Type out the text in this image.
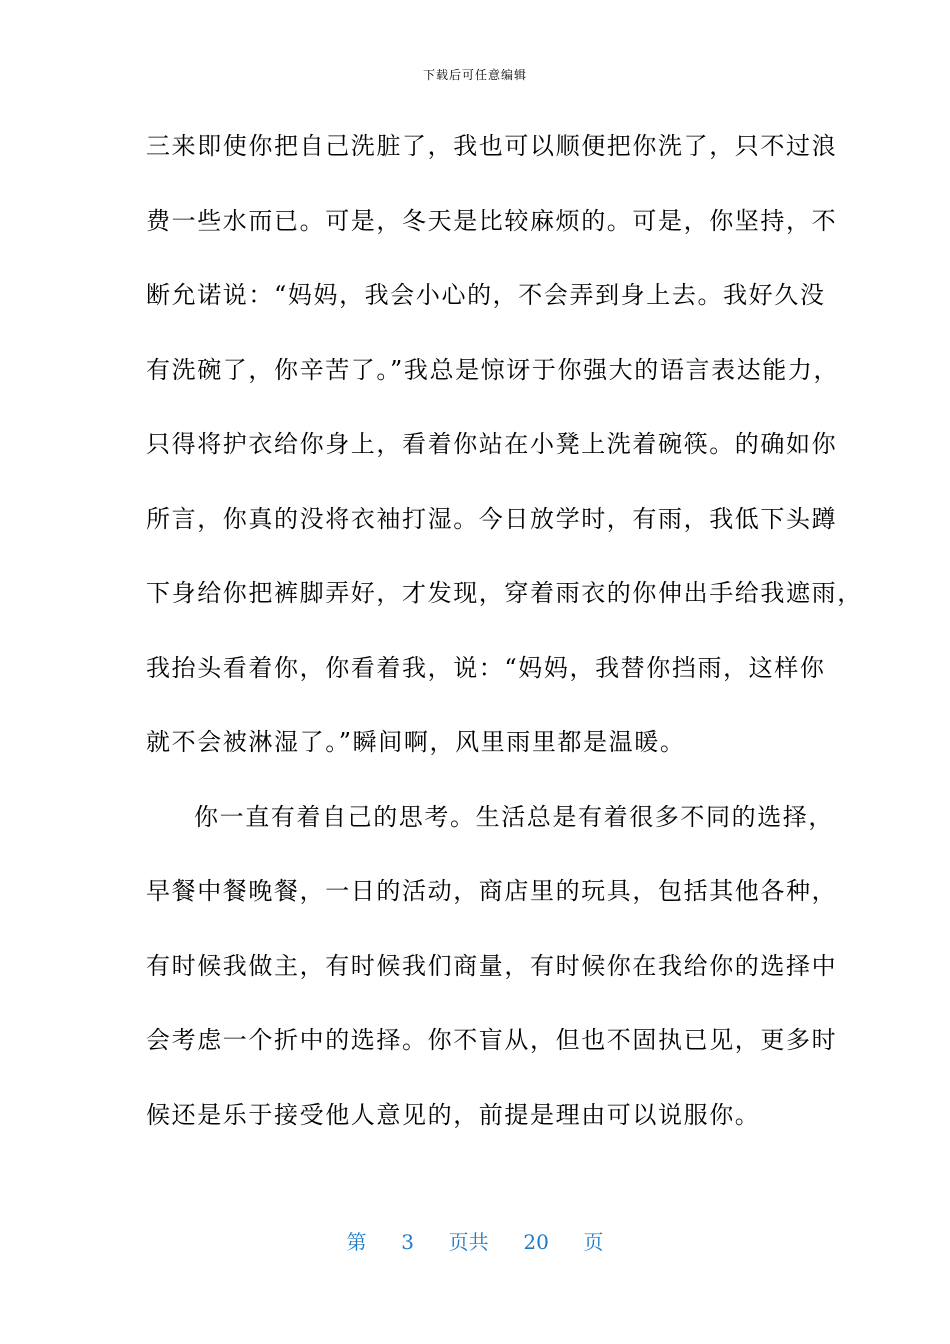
下载后可任意编辑
三来即使你把自己洗脏了，我也可以顺便把你洗了，只不过浪
费一些水而已。可是，冬天是比较麻烦的。可是，你坚持，不
断允诺说：“妈妈，我会小心的，不会弄到身上去。我好久没
有洗碗了，你辛苦了。”我总是惊讶于你强大的语言表达能力，
只得将护衣给你身上，看着你站在小凳上洗着碗筷。的确如你
所言，你真的没将衣袖打湿。今日放学时，有雨，我低下头蹲
下身给你把裤脚弄好，才发现，穿着雨衣的你伸出手给我遮雨，
我抬头看着你，你看着我，说：“妈妈，我替你挡雨，这样你
就不会被淋湿了。”瞬间啊，风里雨里都是温暖。
你一直有着自己的思考。生活总是有着很多不同的选择，
早餐中餐晚餐，一日的活动，商店里的玩具，包括其他各种，
有时候我做主，有时候我们商量，有时候你在我给你的选择中
会考虑一个折中的选择。你不盲从，但也不固执已见，更多时
候还是乐于接受他人意见的，前提是理由可以说服你。
第 3 页共 20 页
